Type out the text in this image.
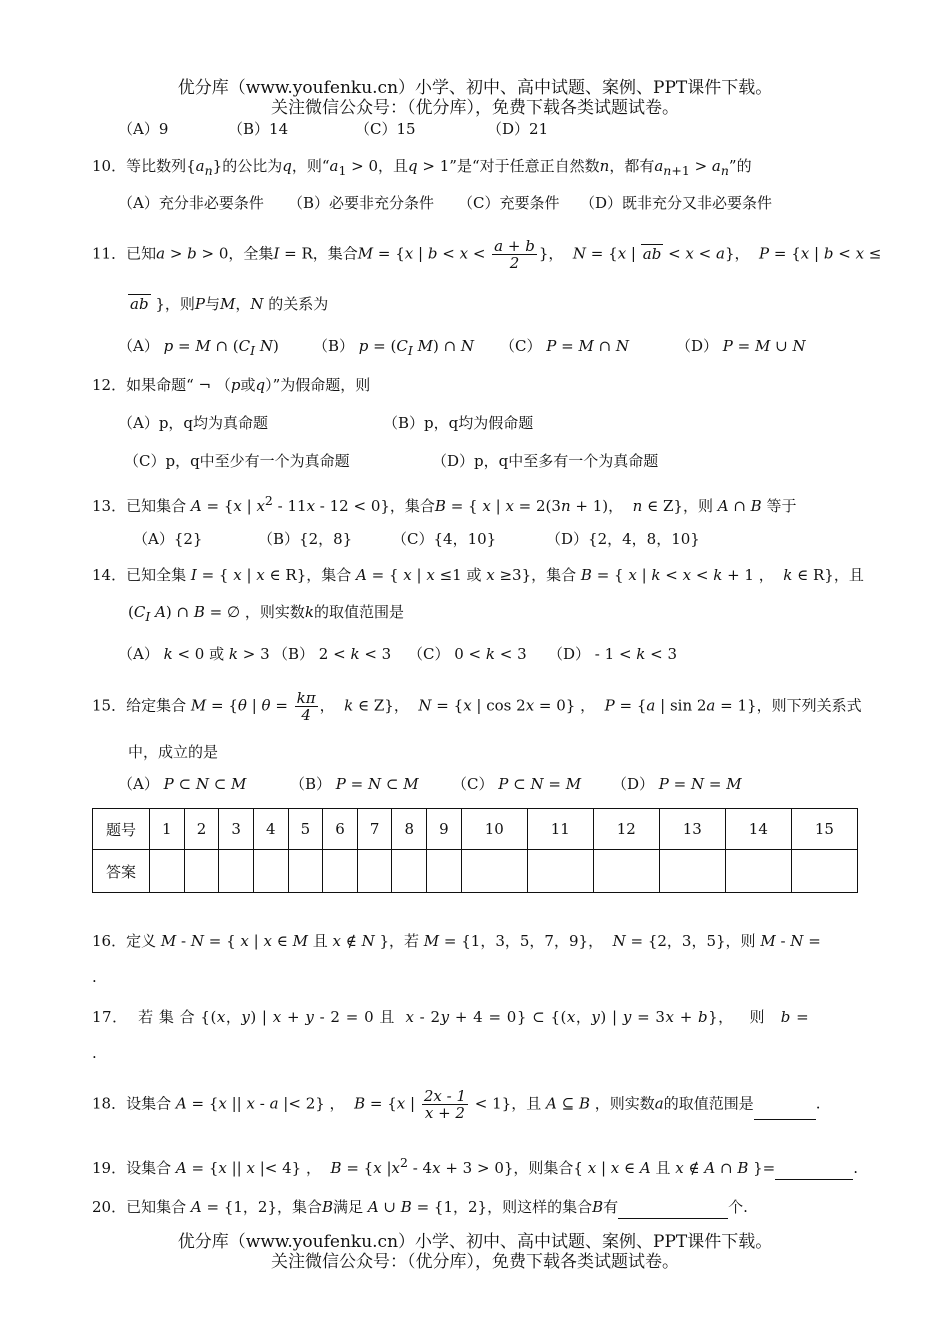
优分库（www.youfenku.cn）小学、初中、高中试题、案例、PPT课件下载。
关注微信公众号：（优分库），免费下载各类试题试卷。
（A）9	（B）14	（C）15	（D）21
10．等比数列$\{a_n\}$的公比为q，则“$a_1 > 0$，且q > 1”是“对于任意正自然数n，都有$a_{n+1} > a_n$”的
（A）充分非必要条件 （B）必要非充分条件 （C）充要条件 （D）既非充分又非必要条件
11．已知a > b > 0，全集I = R，集合M = {x | $b < x < \frac{a + b}{2}$ }，  N = {x | ab < x < a}，  P = {x | b < x ≤
ab }，则P与M，N 的关系为
（A） p = M ∩ ($C_I$ N) （B） $p = (C_I$ M) ∩ N （C） P = M ∩ N	（D） P = M ∪ N
12．如果命题“ ¬ （p或q）”为假命题，则
（A）p，q均为真命题	（B）p，q均为假命题
（C）p，q中至少有一个为真命题	（D）p，q中至多有一个为真命题
13．已知集合 A = {x | $x^2 - 11x - 12 < 0$}，集合B = { x | x = 2(3n + 1)，  n ∈ Z}，则 A ∩ B 等于
（A）{2}	（B）{2，8}	（C）{4，10}	（D）{2，4，8，10}
14．已知全集 I = { x | x ∈ R}，集合 A = { x | x ≤1 或 x ≥3}，集合 B = { x | k < x < k + 1 ，  k ∈ R}，且
($C_I$ A) ∩ B = ∅ ，则实数k的取值范围是
（A） k < 0 或 k > 3 （B） 2 < k < 3 （C） 0 < k < 3 （D） - 1 < k < 3
15．给定集合 M = {θ | $\theta = \frac{k\pi}{4}$ ，  k ∈ Z}，  N = {x | cos 2x = 0} ，  P = {a | sin 2a = 1}，则下列关系式
中，成立的是
（A） P ⊂ N ⊂ M	（B） P = N ⊂ M （C） P ⊂ N = M （D） P = N = M
题号	1	2	3	4	5	6	7	8	9	10	11	12	13	14	15
答案															
16．定义 M - N = { x | x ∈ M 且 x ∉ N }，若 M = {1，3，5，7，9}，  N = {2，3，5}，则 M - N =
.
17．  若 集 合 {(x，y) | x + y - 2 = 0 且  x - 2y + 4 = 0} ⊂ {(x，y) | y = 3x + b}，   则   b =
.
18．设集合 A = {x || x - a |< 2} ，  B = {x | $\frac{2x - 1}{x + 2} < 1$}，且 A ⊆ B ，则实数a的取值范围是	.
19．设集合 A = {x || x |< 4} ，  B = {x $|x^2 - 4x + 3 > 0$}，则集合{ x | x ∈ A 且 x ∉ A ∩ B }=	.
20．已知集合 A = {1，2}，集合B满足 A ∪ B = {1，2}，则这样的集合B有	个.
优分库（www.youfenku.cn）小学、初中、高中试题、案例、PPT课件下载。
关注微信公众号：（优分库），免费下载各类试题试卷。
